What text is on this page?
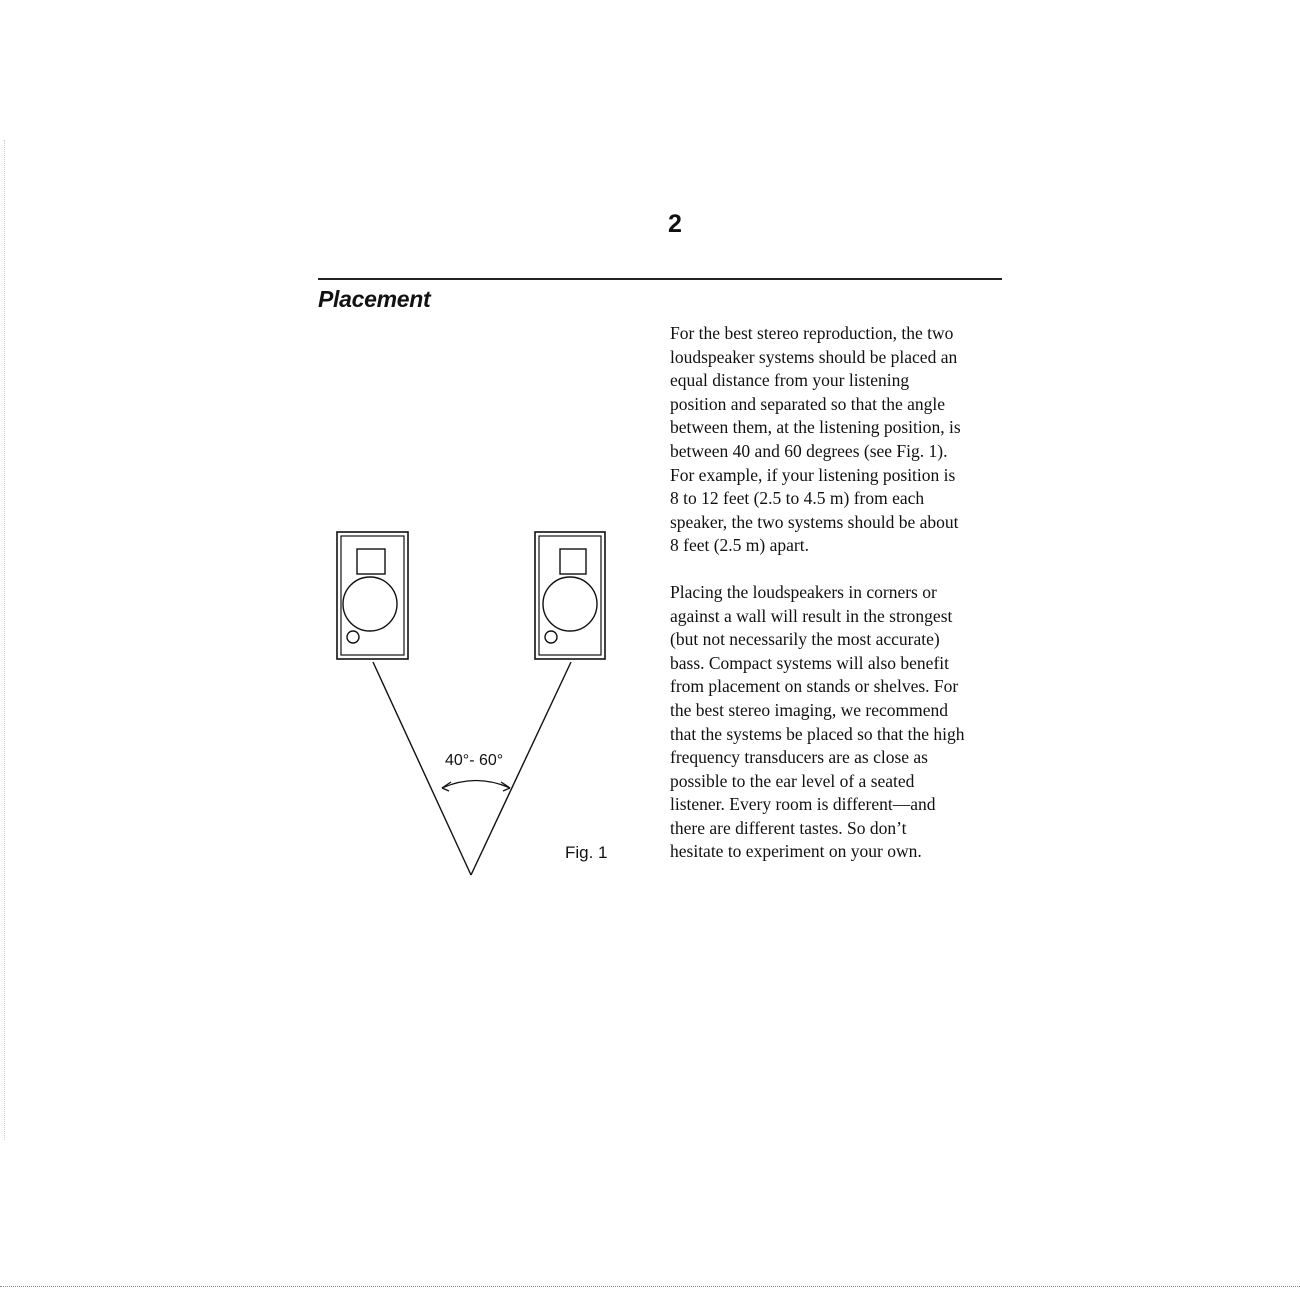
2
Placement

For the best stereo reproduction, the two
loudspeaker systems should be placed an
equal distance from your listening
position and separated so that the angle
between them, at the listening position, is
between 40 and 60 degrees (see Fig. 1).
For example, if your listening position is
8 to 12 feet (2.5 to 4.5 m) from each
speaker, the two systems should be about
8 feet (2.5 m) apart.

Placing the loudspeakers in corners or
against a wall will result in the strongest
(but not necessarily the most accurate)
bass. Compact systems will also benefit
from placement on stands or shelves. For
the best stereo imaging, we recommend
that the systems be placed so that the high
frequency transducers are as close as
possible to the ear level of a seated
listener. Every room is different—and
there are different tastes. So don’t
hesitate to experiment on your own.

40°- 60°
Fig. 1
